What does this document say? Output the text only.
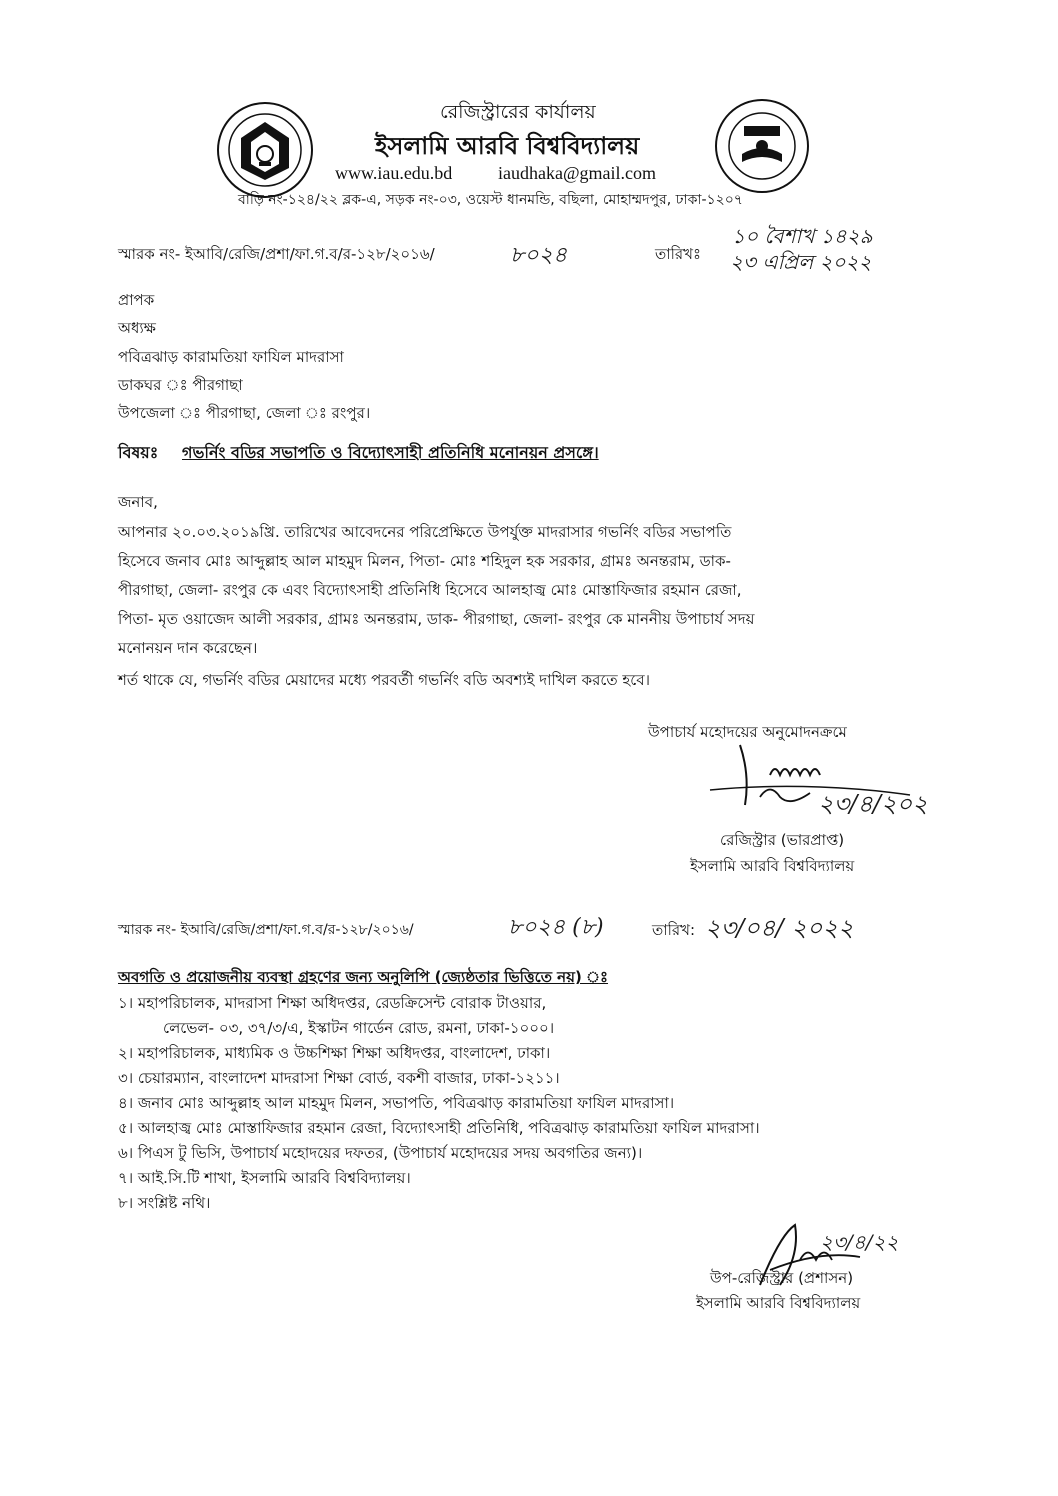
রেজিস্ট্রারের কার্যালয়
ইসলামি আরবি বিশ্ববিদ্যালয়
www.iau.edu.bd	iaudhaka@gmail.com
বাড়ি নং-১২৪/২২ ব্লক-এ, সড়ক নং-০৩, ওয়েস্ট ধানমন্ডি, বছিলা, মোহাম্মদপুর, ঢাকা-১২০৭
স্মারক নং- ইআবি/রেজি/প্রশা/ফা.গ.ব/র-১২৮/২০১৬/	৮০২৪	তারিখঃ
১০ বৈশাখ ১৪২৯
২৩ এপ্রিল ২০২২
প্রাপক
অধ্যক্ষ
পবিত্রঝাড় কারামতিয়া ফাযিল মাদরাসা
ডাকঘর ঃ পীরগাছা
উপজেলা ঃ পীরগাছা, জেলা ঃ রংপুর।
বিষয়ঃ গভর্নিং বডির সভাপতি ও বিদ্যোৎসাহী প্রতিনিধি মনোনয়ন প্রসঙ্গে।
জনাব,
আপনার ২০.০৩.২০১৯খ্রি. তারিখের আবেদনের পরিপ্রেক্ষিতে উপর্যুক্ত মাদরাসার গভর্নিং বডির সভাপতি
হিসেবে জনাব মোঃ আব্দুল্লাহ আল মাহমুদ মিলন, পিতা- মোঃ শহিদুল হক সরকার, গ্রামঃ অনন্তরাম, ডাক-
পীরগাছা, জেলা- রংপুর কে এবং বিদ্যোৎসাহী প্রতিনিধি হিসেবে আলহাজ্ব মোঃ মোস্তাফিজার রহমান রেজা,
পিতা- মৃত ওয়াজেদ আলী সরকার, গ্রামঃ অনন্তরাম, ডাক- পীরগাছা, জেলা- রংপুর কে মাননীয় উপাচার্য সদয়
মনোনয়ন দান করেছেন।
শর্ত থাকে যে, গভর্নিং বডির মেয়াদের মধ্যে পরবর্তী গভর্নিং বডি অবশ্যই দাখিল করতে হবে।
উপাচার্য মহোদয়ের অনুমোদনক্রমে
২৩/৪/২০২
রেজিস্ট্রার (ভারপ্রাপ্ত)
ইসলামি আরবি বিশ্ববিদ্যালয়
স্মারক নং- ইআবি/রেজি/প্রশা/ফা.গ.ব/র-১২৮/২০১৬/	৮০২৪ (৮)	তারিখ: ২৩/০৪/ ২০২২
অবগতি ও প্রয়োজনীয় ব্যবস্থা গ্রহণের জন্য অনুলিপি (জ্যেষ্ঠতার ভিত্তিতে নয়) ঃ
১। মহাপরিচালক, মাদরাসা শিক্ষা অধিদপ্তর, রেডক্রিসেন্ট বোরাক টাওয়ার,
লেভেল- ০৩, ৩৭/৩/এ, ইস্কাটন গার্ডেন রোড, রমনা, ঢাকা-১০০০।
২। মহাপরিচালক, মাধ্যমিক ও উচ্চশিক্ষা শিক্ষা অধিদপ্তর, বাংলাদেশ, ঢাকা।
৩। চেয়ারম্যান, বাংলাদেশ মাদরাসা শিক্ষা বোর্ড, বকশী বাজার, ঢাকা-১২১১।
৪। জনাব মোঃ আব্দুল্লাহ আল মাহমুদ মিলন, সভাপতি, পবিত্রঝাড় কারামতিয়া ফাযিল মাদরাসা।
৫। আলহাজ্ব মোঃ মোস্তাফিজার রহমান রেজা, বিদ্যোৎসাহী প্রতিনিধি, পবিত্রঝাড় কারামতিয়া ফাযিল মাদরাসা।
৬। পিএস টু ভিসি, উপাচার্য মহোদয়ের দফতর, (উপাচার্য মহোদয়ের সদয় অবগতির জন্য)।
৭। আই.সি.টি শাখা, ইসলামি আরবি বিশ্ববিদ্যালয়।
৮। সংশ্লিষ্ট নথি।
২৩/৪/২২
উপ-রেজিস্ট্রার (প্রশাসন)
ইসলামি আরবি বিশ্ববিদ্যালয়
